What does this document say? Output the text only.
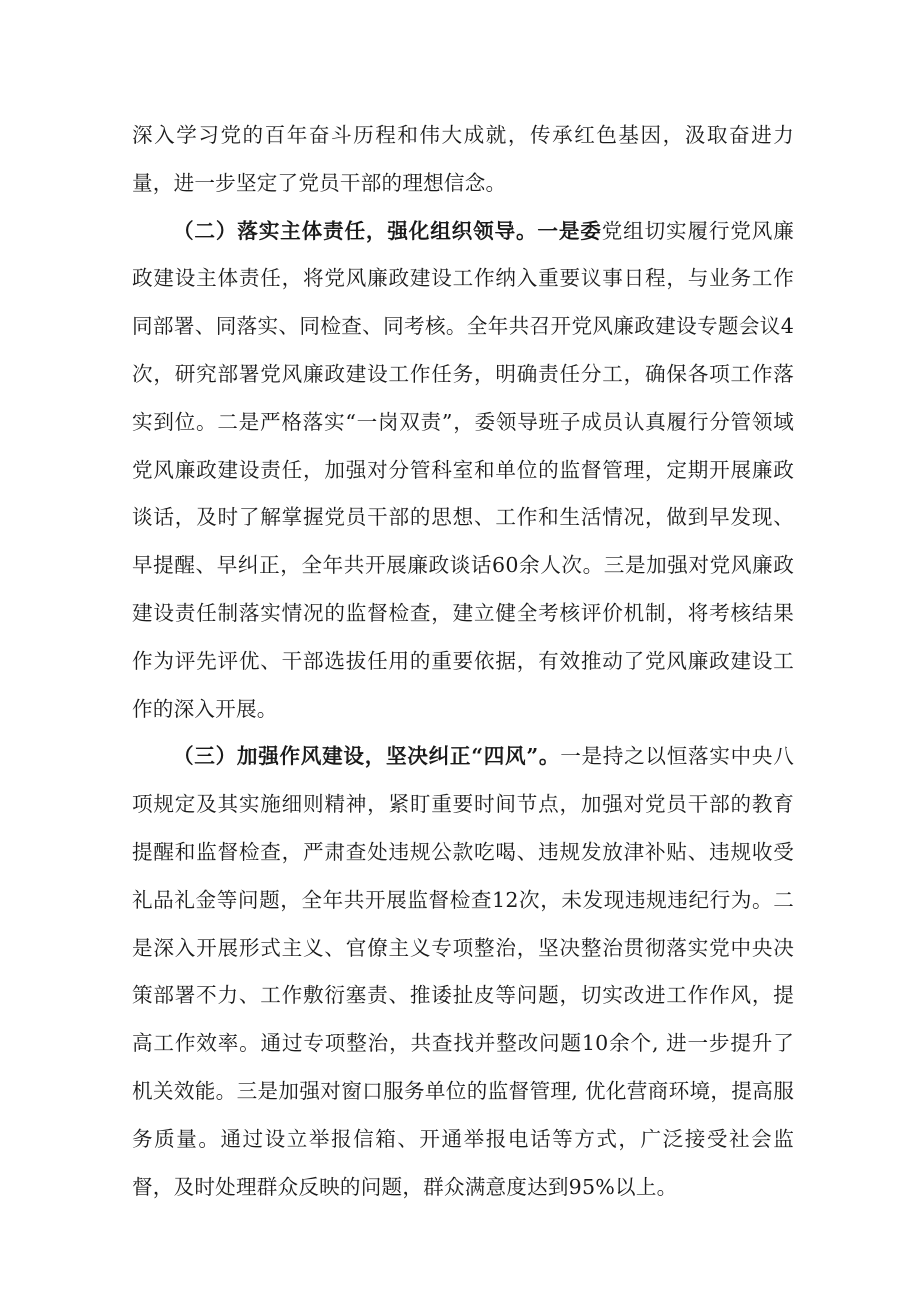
深入学习党的百年奋斗历程和伟大成就，传承红色基因，汲取奋进力量，进一步坚定了党员干部的理想信念。

（二）落实主体责任，强化组织领导。一是委党组切实履行党风廉政建设主体责任，将党风廉政建设工作纳入重要议事日程，与业务工作同部署、同落实、同检查、同考核。全年共召开党风廉政建设专题会议4次，研究部署党风廉政建设工作任务，明确责任分工，确保各项工作落实到位。二是严格落实“一岗双责”，委领导班子成员认真履行分管领域党风廉政建设责任，加强对分管科室和单位的监督管理，定期开展廉政谈话，及时了解掌握党员干部的思想、工作和生活情况，做到早发现、早提醒、早纠正，全年共开展廉政谈话60余人次。三是加强对党风廉政建设责任制落实情况的监督检查，建立健全考核评价机制，将考核结果作为评先评优、干部选拔任用的重要依据，有效推动了党风廉政建设工作的深入开展。

（三）加强作风建设，坚决纠正“四风”。一是持之以恒落实中央八项规定及其实施细则精神，紧盯重要时间节点，加强对党员干部的教育提醒和监督检查，严肃查处违规公款吃喝、违规发放津补贴、违规收受礼品礼金等问题，全年共开展监督检查12次，未发现违规违纪行为。二是深入开展形式主义、官僚主义专项整治，坚决整治贯彻落实党中央决策部署不力、工作敷衍塞责、推诿扯皮等问题，切实改进工作作风，提高工作效率。通过专项整治，共查找并整改问题10余个, 进一步提升了机关效能。三是加强对窗口服务单位的监督管理, 优化营商环境，提高服务质量。通过设立举报信箱、开通举报电话等方式，广泛接受社会监督，及时处理群众反映的问题，群众满意度达到95%以上。
